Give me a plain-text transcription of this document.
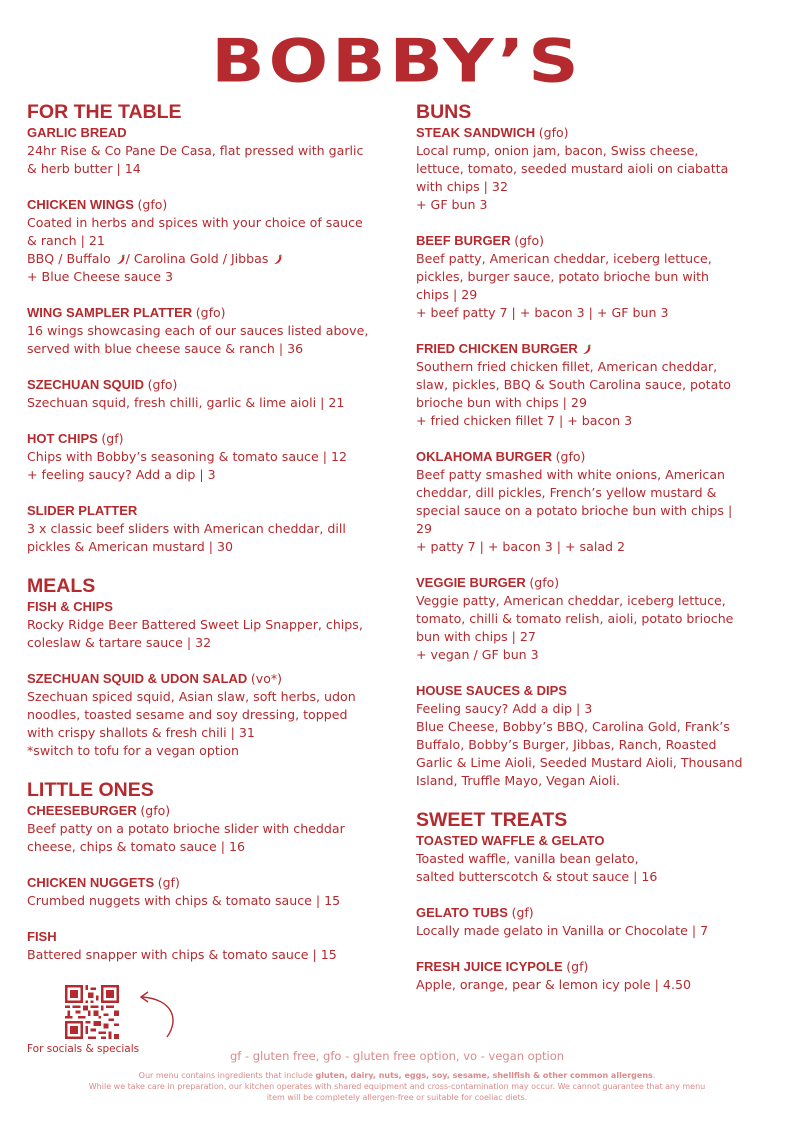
BOBBY’S
FOR THE TABLE
GARLIC BREAD
24hr Rise & Co Pane De Casa, flat pressed with garlic
& herb butter | 14
CHICKEN WINGS (gfo)
Coated in herbs and spices with your choice of sauce
& ranch | 21
BBQ / Buffalo / Carolina Gold / Jibbas
+ Blue Cheese sauce 3
WING SAMPLER PLATTER (gfo)
16 wings showcasing each of our sauces listed above,
served with blue cheese sauce & ranch | 36
SZECHUAN SQUID (gfo)
Szechuan squid, fresh chilli, garlic & lime aioli | 21
HOT CHIPS (gf)
Chips with Bobby’s seasoning & tomato sauce | 12
+ feeling saucy? Add a dip | 3
SLIDER PLATTER
3 x classic beef sliders with American cheddar, dill
pickles & American mustard | 30
MEALS
FISH & CHIPS
Rocky Ridge Beer Battered Sweet Lip Snapper, chips,
coleslaw & tartare sauce | 32
SZECHUAN SQUID & UDON SALAD (vo*)
Szechuan spiced squid, Asian slaw, soft herbs, udon
noodles, toasted sesame and soy dressing, topped
with crispy shallots & fresh chili | 31
*switch to tofu for a vegan option
LITTLE ONES
CHEESEBURGER (gfo)
Beef patty on a potato brioche slider with cheddar
cheese, chips & tomato sauce | 16
CHICKEN NUGGETS (gf)
Crumbed nuggets with chips & tomato sauce | 15
FISH
Battered snapper with chips & tomato sauce | 15
BUNS
STEAK SANDWICH (gfo)
Local rump, onion jam, bacon, Swiss cheese,
lettuce, tomato, seeded mustard aioli on ciabatta
with chips | 32
+ GF bun 3
BEEF BURGER (gfo)
Beef patty, American cheddar, iceberg lettuce,
pickles, burger sauce, potato brioche bun with
chips | 29
+ beef patty 7 | + bacon 3 | + GF bun 3
FRIED CHICKEN BURGER
Southern fried chicken fillet, American cheddar,
slaw, pickles, BBQ & South Carolina sauce, potato
brioche bun with chips | 29
+ fried chicken fillet 7 | + bacon 3
OKLAHOMA BURGER (gfo)
Beef patty smashed with white onions, American
cheddar, dill pickles, French’s yellow mustard &
special sauce on a potato brioche bun with chips |
29
+ patty 7 | + bacon 3 | + salad 2
VEGGIE BURGER (gfo)
Veggie patty, American cheddar, iceberg lettuce,
tomato, chilli & tomato relish, aioli, potato brioche
bun with chips | 27
+ vegan / GF bun 3
HOUSE SAUCES & DIPS
Feeling saucy? Add a dip | 3
Blue Cheese, Bobby’s BBQ, Carolina Gold, Frank’s
Buffalo, Bobby’s Burger, Jibbas, Ranch, Roasted
Garlic & Lime Aioli, Seeded Mustard Aioli, Thousand
Island, Truffle Mayo, Vegan Aioli.
SWEET TREATS
TOASTED WAFFLE & GELATO
Toasted waffle, vanilla bean gelato,
salted butterscotch & stout sauce | 16
GELATO TUBS (gf)
Locally made gelato in Vanilla or Chocolate | 7
FRESH JUICE ICYPOLE (gf)
Apple, orange, pear & lemon icy pole | 4.50
For socials & specials	gf - gluten free, gfo - gluten free option, vo - vegan option
Our menu contains ingredients that include gluten, dairy, nuts, eggs, soy, sesame, shellfish & other common allergens.
While we take care in preparation, our kitchen operates with shared equipment and cross-contamination may occur. We cannot guarantee that any menu
item will be completely allergen-free or suitable for coeliac diets.
